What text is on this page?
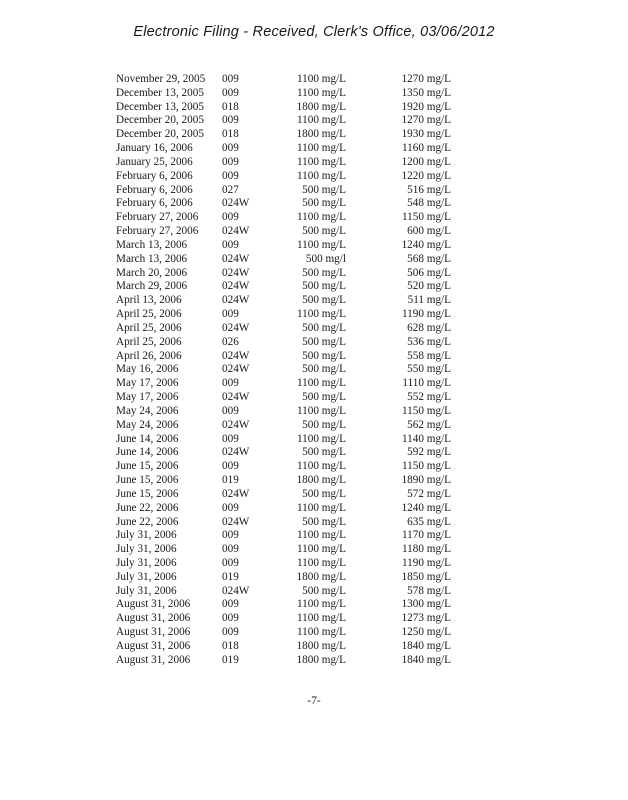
Electronic Filing - Received, Clerk's Office, 03/06/2012
November 29, 2005 009	1100 mg/L	1270 mg/L
December 13, 2005 009	1100 mg/L	1350 mg/L
December 13, 2005 018	1800 mg/L	1920 mg/L
December 20, 2005 009	1100 mg/L	1270 mg/L
December 20, 2005 018	1800 mg/L	1930 mg/L
January 16, 2006	009	1100 mg/L	1160 mg/L
January 25, 2006	009	1100 mg/L	1200 mg/L
February 6, 2006	009	1100 mg/L	1220 mg/L
February 6, 2006	027	500 mg/L	516 mg/L
February 6, 2006	024W	500 mg/L	548 mg/L
February 27, 2006 009	1100 mg/L	1150 mg/L
February 27, 2006 024W	500 mg/L	600 mg/L
March 13, 2006	009	1100 mg/L	1240 mg/L
March 13, 2006	024W	500 mg/l	568 mg/L
March 20, 2006	024W	500 mg/L	506 mg/L
March 29, 2006	024W	500 mg/L	520 mg/L
April 13, 2006	024W	500 mg/L	511 mg/L
April 25, 2006	009	1100 mg/L	1190 mg/L
April 25, 2006	024W	500 mg/L	628 mg/L
April 25, 2006	026	500 mg/L	536 mg/L
April 26, 2006	024W	500 mg/L	558 mg/L
May 16, 2006	024W	500 mg/L	550 mg/L
May 17, 2006	009	1100 mg/L	1110 mg/L
May 17, 2006	024W	500 mg/L	552 mg/L
May 24, 2006	009	1100 mg/L	1150 mg/L
May 24, 2006	024W	500 mg/L	562 mg/L
June 14, 2006	009	1100 mg/L	1140 mg/L
June 14, 2006	024W	500 mg/L	592 mg/L
June 15, 2006	009	1100 mg/L	1150 mg/L
June 15, 2006	019	1800 mg/L	1890 mg/L
June 15, 2006	024W	500 mg/L	572 mg/L
June 22, 2006	009	1100 mg/L	1240 mg/L
June 22, 2006	024W	500 mg/L	635 mg/L
July 31, 2006	009	1100 mg/L	1170 mg/L
July 31, 2006	009	1100 mg/L	1180 mg/L
July 31, 2006	009	1100 mg/L	1190 mg/L
July 31, 2006	019	1800 mg/L	1850 mg/L
July 31, 2006	024W	500 mg/L	578 mg/L
August 31, 2006	009	1100 mg/L	1300 mg/L
August 31, 2006	009	1100 mg/L	1273 mg/L
August 31, 2006	009	1100 mg/L	1250 mg/L
August 31, 2006	018	1800 mg/L	1840 mg/L
August 31, 2006	019	1800 mg/L	1840 mg/L
-7-
